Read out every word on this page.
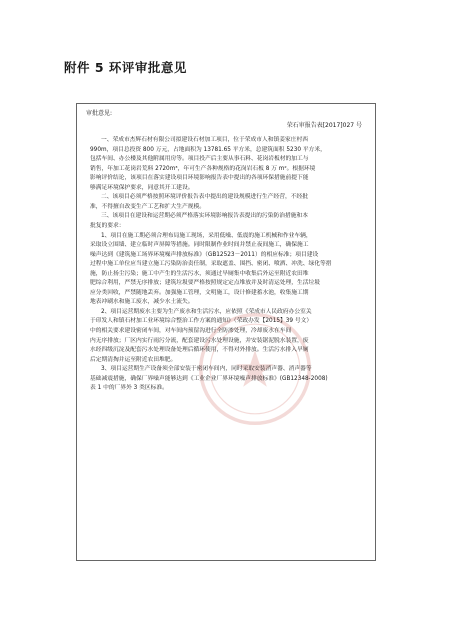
附件 5 环评审批意见
审批意见:
荣石审报告表[2017]027 号
一、荣成市杰辉石材有限公司拟建设石材加工项目，位于荣成市人和镇姜家庄村西
990m，项目总投资 800 万元，占地面积为 13781.65 平方米，总建筑面积 5230 平方米，
包括车间、办公楼及其他附属用房等。项目投产后主要从事石料、花岗岩板材的加工与
销售，年加工花岗岩荒料 2720m³，年可生产各种规格的花岗岩石板 8 万 m²。根据环境
影响评价结论，该项目在落实建设项目环境影响报告表中提出的各项环保措施前提下能
够满足环境保护要求，同意其开工建设。
二、该项目必须严格按照环境评价报告表中提出的建设规模进行生产经营，不经批
准，不得擅自改变生产工艺和扩大生产规模。
三、该项目在建设和运营期必须严格落实环境影响报告表提出的污染防治措施和本
批复的要求：
1、项目在施工期必须合理布局施工现场，采用低噪、低震的施工机械和作业车辆，
采取设立围墙、建立临时声屏障等措施。同时限制作业时间并禁止夜间施工，确保施工
噪声达到《建筑施工场界环境噪声排放标准》（GB12523－2011）的相应标准；项目建设
过程中施工单位应当建立施工污染防治责任制，采取遮盖、围挡、密闭、喷洒、冲洗、绿化等措
施，防止扬尘污染；施工中产生的生活污水，须通过旱厕集中收集后外运至附近农田堆
肥综合利用，严禁无序排放；建筑垃圾要严格按照规定定点堆放并及时清运处理，生活垃圾
应分类回收，严禁随地丢弃。加强施工管理，文明施工，设计修建蓄水池，收集施工期
地表冲刷水和施工废水，减少水土流失。
2、项目运营期废水主要为生产废水和生活污水，应依照《荣成市人民政府办公室关
于印发人和镇石材加工业环境综合整治工作方案的通知》（荣政办发【2015】39 号文）
中的相关要求建设密闭车间，对车间内预留沟进行全防渗处理，冷却废水在车间
内无序排放；厂区内实行雨污分流，配套建设污水处理设施，并安装锯泥脱水装置，废
水经四级沉淀及配套污水处理设备处理后循环使用，不得对外排放。生活污水排入旱厕
后定期清掏并运至附近农田堆肥。
3、项目运营期生产设备须全部安装于密闭车间内，同时采取安装消声器、消声器等
基础减震措施，确保厂界噪声能够达到《工业企业厂界环境噪声排放标准》(GB12348-2008)
表 1 中的厂界外 3 类区标准。
